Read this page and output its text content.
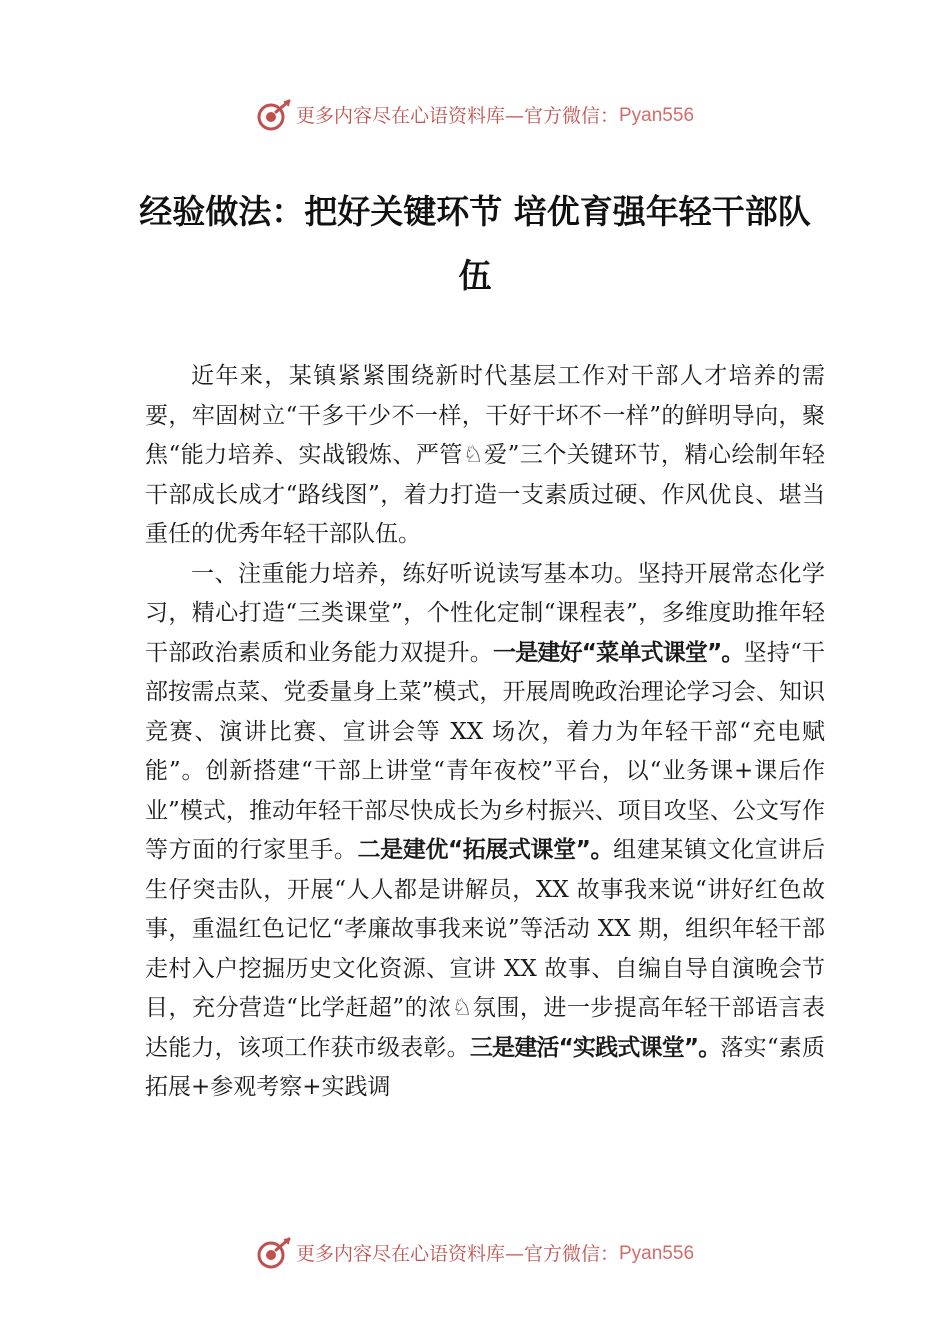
更多内容尽在心语资料库—官方微信：Pyan556
经验做法：把好关键环节 培优育强年轻干部队伍

近年来，某镇紧紧围绕新时代基层工作对干部人才培养的需要，牢固树立“干多干少不一样，干好干坏不一样”的鲜明导向，聚焦“能力培养、实战锻炼、严管♘爱”三个关键环节，精心绘制年轻干部成长成才“路线图”，着力打造一支素质过硬、作风优良、堪当重任的优秀年轻干部队伍。

一、注重能力培养，练好听说读写基本功。坚持开展常态化学习，精心打造“三类课堂”，个性化定制“课程表”，多维度助推年轻干部政治素质和业务能力双提升。一是建好“菜单式课堂”。坚持“干部按需点菜、党委量身上菜”模式，开展周晚政治理论学习会、知识竞赛、演讲比赛、宣讲会等 XX 场次，着力为年轻干部“充电赋能”。创新搭建“干部上讲堂“青年夜校”平台，以“业务课+课后作业”模式，推动年轻干部尽快成长为乡村振兴、项目攻坚、公文写作等方面的行家里手。二是建优“拓展式课堂”。组建某镇文化宣讲后生仔突击队，开展“人人都是讲解员，XX 故事我来说“讲好红色故事，重温红色记忆“孝廉故事我来说”等活动 XX 期，组织年轻干部走村入户挖掘历史文化资源、宣讲 XX 故事、自编自导自演晚会节目，充分营造“比学赶超”的浓♘氛围，进一步提高年轻干部语言表达能力，该项工作获市级表彰。三是建活“实践式课堂”。落实“素质拓展+参观考察+实践调

更多内容尽在心语资料库—官方微信：Pyan556
